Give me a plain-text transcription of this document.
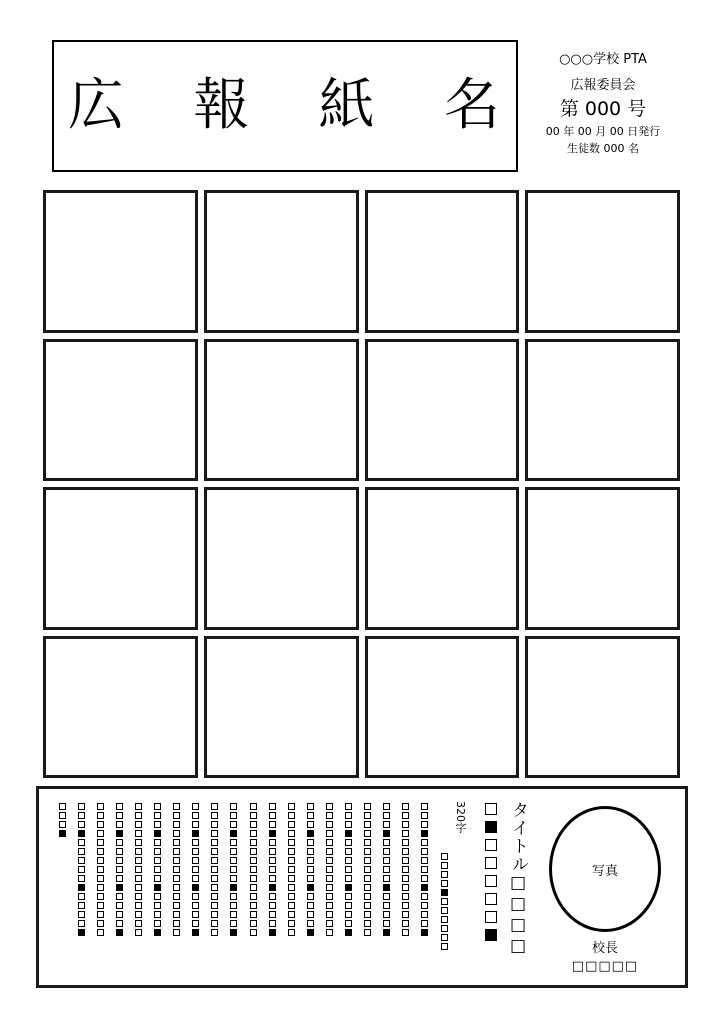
広 報 紙 名
○○○学校 PTA
広報委員会
第 000 号
00 年 00 月 00 日発行
生徒数 000 名
320字 タイトル□□□□	写真
校長
□□□□□
